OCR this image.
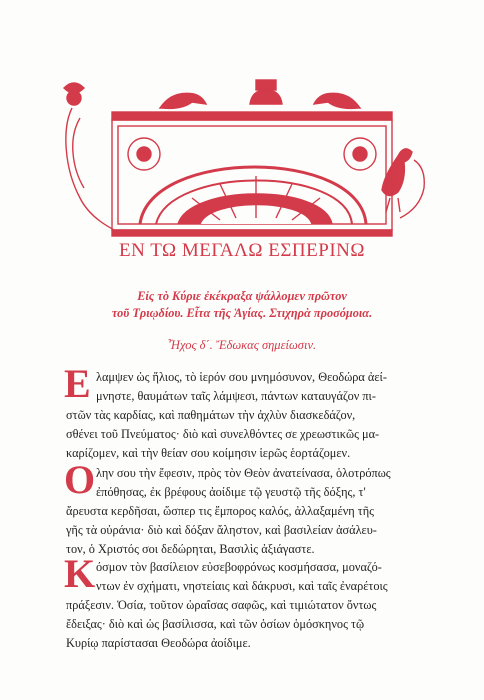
ΕΝ ΤΩ ΜΕΓΑΛΩ ΕΣΠΕΡΙΝΩ
Εἰς τὸ Κύριε ἐκέκραξα ψάλλομεν πρῶτον
τοῦ Τριῳδίου. Εἶτα τῆς Ἁγίας. Στιχηρὰ προσόμοια.
Ἦχος δ΄. Ἔδωκας σημείωσιν.
Ε λαμψεν ὡς ἥλιος, τὸ ἱερόν σου μνημόσυνον, Θεοδώρα ἀεί-
μνηστε, θαυμάτων ταῖς λάμψεσι, πάντων καταυγάζον πι-
στῶν τὰς καρδίας, καὶ παθημάτων τὴν ἀχλὺν διασκεδάζον,
σθένει τοῦ Πνεύματος· διὸ καὶ συνελθόντες σε χρεωστικῶς μα-
καρίζομεν, καὶ τὴν θείαν σου κοίμησιν ἱερῶς ἑορτάζομεν.
Ο λην σου τὴν ἔφεσιν, πρὸς τὸν Θεὸν ἀνατείνασα, ὁλοτρόπως
ἐπόθησας, ἐκ βρέφους ἀοίδιμε τῷ γευστῷ τῆς δόξης, τ'
ἄρευστα κερδῆσαι, ὥσπερ τις ἔμπορος καλός, ἀλλαξαμένη τῆς
γῆς τὰ οὐράνια· διὸ καὶ δόξαν ἄληστον, καὶ βασιλείαν ἀσάλευ-
τον, ὁ Χριστός σοι δεδώρηται, Βασιλὶς ἀξιάγαστε.
Κ όσμον τὸν βασίλειον εὐσεβοφρόνως κοσμήσασα, μοναζό-
ντων ἐν σχήματι, νηστείαις καὶ δάκρυσι, καὶ ταῖς ἐναρέτοις
πράξεσιν. Ὁσία, τοῦτον ὡραΐσας σαφῶς, καὶ τιμιώτατον ὄντως
ἔδειξας· διὸ καὶ ὡς βασίλισσα, καὶ τῶν ὁσίων ὁμόσκηνος τῷ
Κυρίῳ παρίστασαι Θεοδώρα ἀοίδιμε.
